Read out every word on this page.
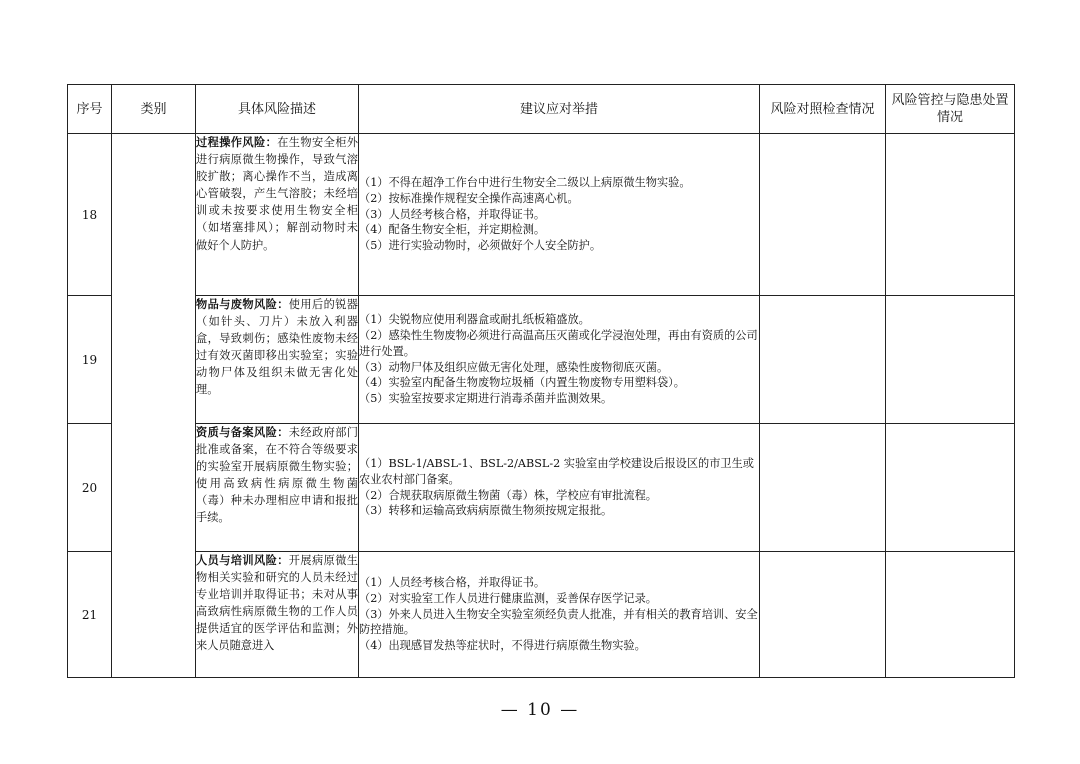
序号	类别	具体风险描述	建议应对举措	风险对照检查情况	风险管控与隐患处置情况
18		过程操作风险：在生物安全柜外进行病原微生物操作，导致气溶胶扩散；离心操作不当，造成离心管破裂，产生气溶胶；未经培训或未按要求使用生物安全柜（如堵塞排风）；解剖动物时未做好个人防护。	（1）不得在超净工作台中进行生物安全二级以上病原微生物实验。
（2）按标准操作规程安全操作高速离心机。
（3）人员经考核合格，并取得证书。
（4）配备生物安全柜，并定期检测。
（5）进行实验动物时，必须做好个人安全防护。		

19		物品与废物风险：使用后的锐器（如针头、刀片）未放入利器盒，导致刺伤；感染性废物未经过有效灭菌即移出实验室；实验动物尸体及组织未做无害化处理。	（1）尖锐物应使用利器盒或耐扎纸板箱盛放。
（2）感染性生物废物必须进行高温高压灭菌或化学浸泡处理，再由有资质的公司进行处置。
（3）动物尸体及组织应做无害化处理，感染性废物彻底灭菌。
（4）实验室内配备生物废物垃圾桶（内置生物废物专用塑料袋）。
（5）实验室按要求定期进行消毒杀菌并监测效果。		

20		资质与备案风险：未经政府部门批准或备案，在不符合等级要求的实验室开展病原微生物实验；使用高致病性病原微生物菌（毒）种未办理相应申请和报批手续。	（1）BSL-1/ABSL-1、BSL-2/ABSL-2 实验室由学校建设后报设区的市卫生或农业农村部门备案。
（2）合规获取病原微生物菌（毒）株，学校应有审批流程。
（3）转移和运输高致病病原微生物须按规定报批。		

21		人员与培训风险：开展病原微生物相关实验和研究的人员未经过专业培训并取得证书；未对从事高致病性病原微生物的工作人员提供适宜的医学评估和监测；外来人员随意进入	（1）人员经考核合格，并取得证书。
（2）对实验室工作人员进行健康监测，妥善保存医学记录。
（3）外来人员进入生物安全实验室须经负责人批准，并有相关的教育培训、安全防控措施。
（4）出现感冒发热等症状时，不得进行病原微生物实验。		

— 10 —
